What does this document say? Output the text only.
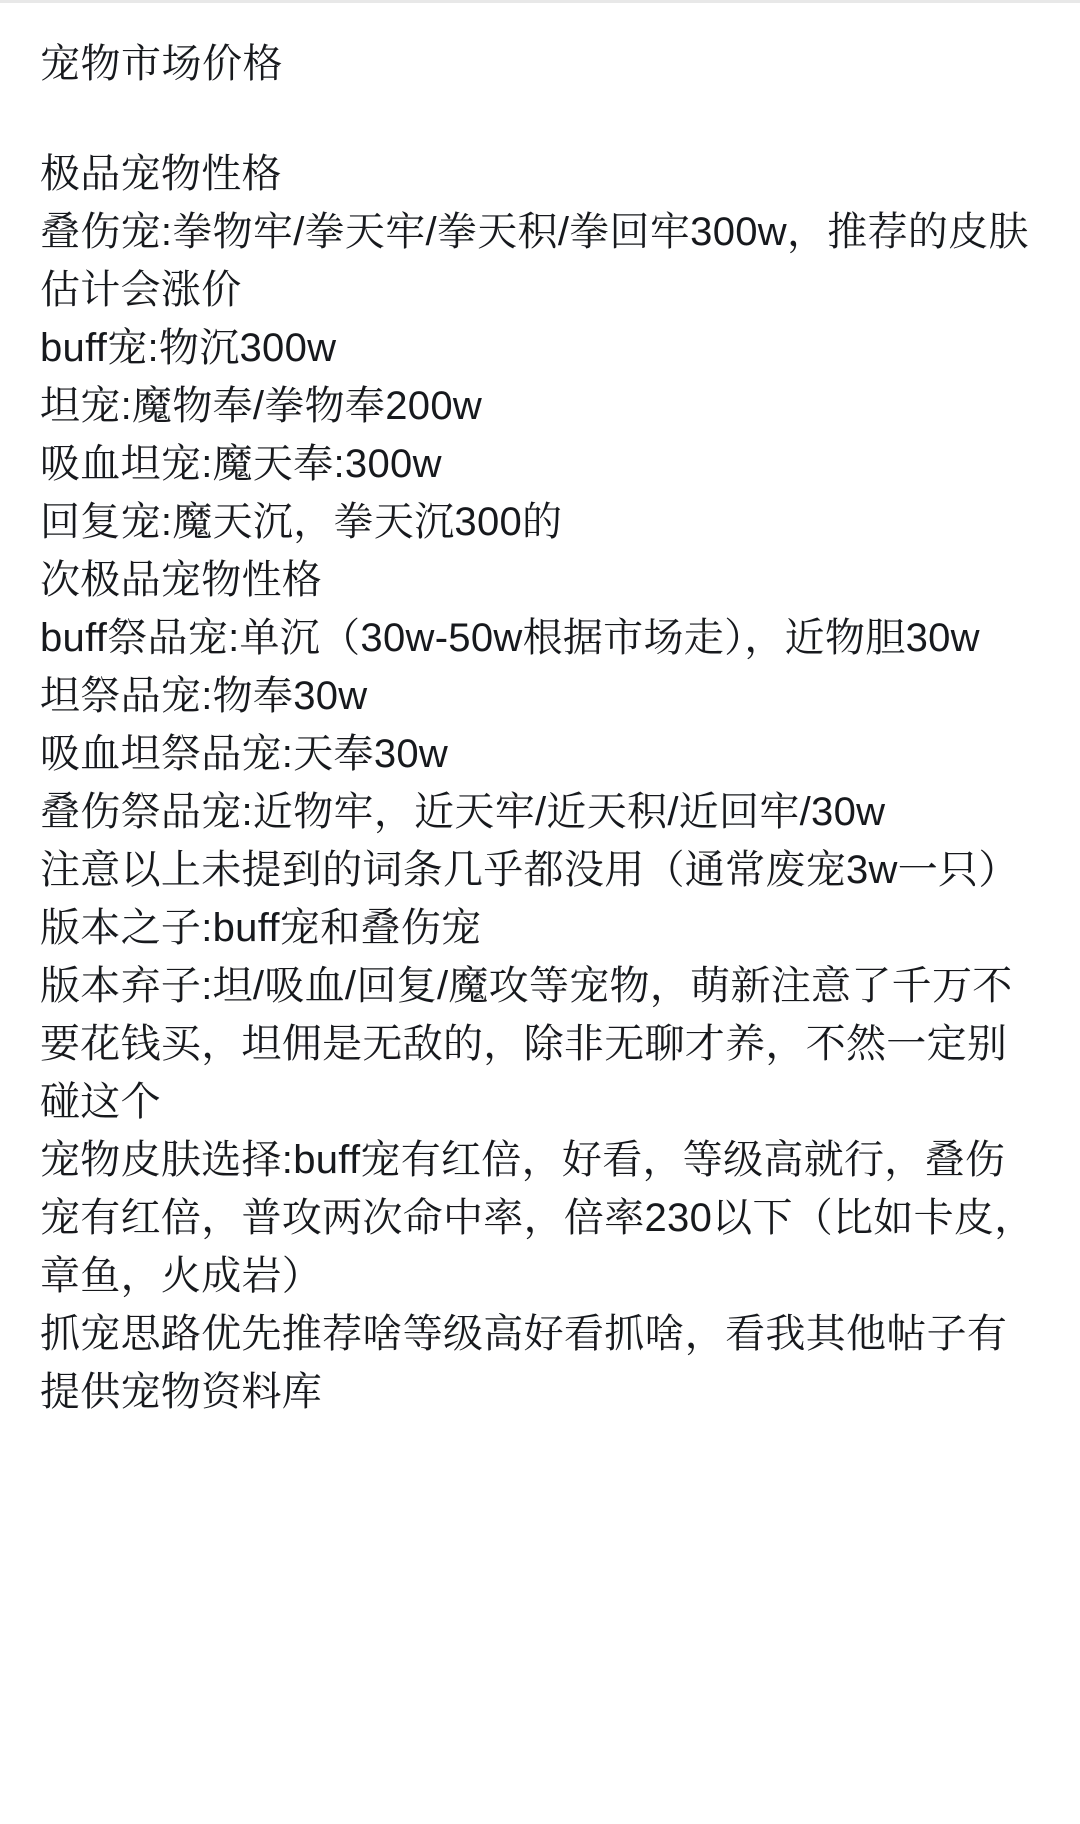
宠物市场价格

极品宠物性格

叠伤宠:拳物牢/拳天牢/拳天积/拳回牢300w，推荐的皮肤估计会涨价

buff宠:物沉300w

坦宠:魔物奉/拳物奉200w

吸血坦宠:魔天奉:300w

回复宠:魔天沉，拳天沉300的

次极品宠物性格

buff祭品宠:单沉（30w-50w根据市场走），近物胆30w

坦祭品宠:物奉30w

吸血坦祭品宠:天奉30w

叠伤祭品宠:近物牢，近天牢/近天积/近回牢/30w

注意以上未提到的词条几乎都没用（通常废宠3w一只）

版本之子:buff宠和叠伤宠

版本弃子:坦/吸血/回复/魔攻等宠物，萌新注意了千万不要花钱买，坦佣是无敌的，除非无聊才养，不然一定别碰这个

宠物皮肤选择:buff宠有红倍，好看，等级高就行，叠伤宠有红倍，普攻两次命中率，倍率230以下（比如卡皮，章鱼，火成岩）

抓宠思路优先推荐啥等级高好看抓啥，看我其他帖子有提供宠物资料库
